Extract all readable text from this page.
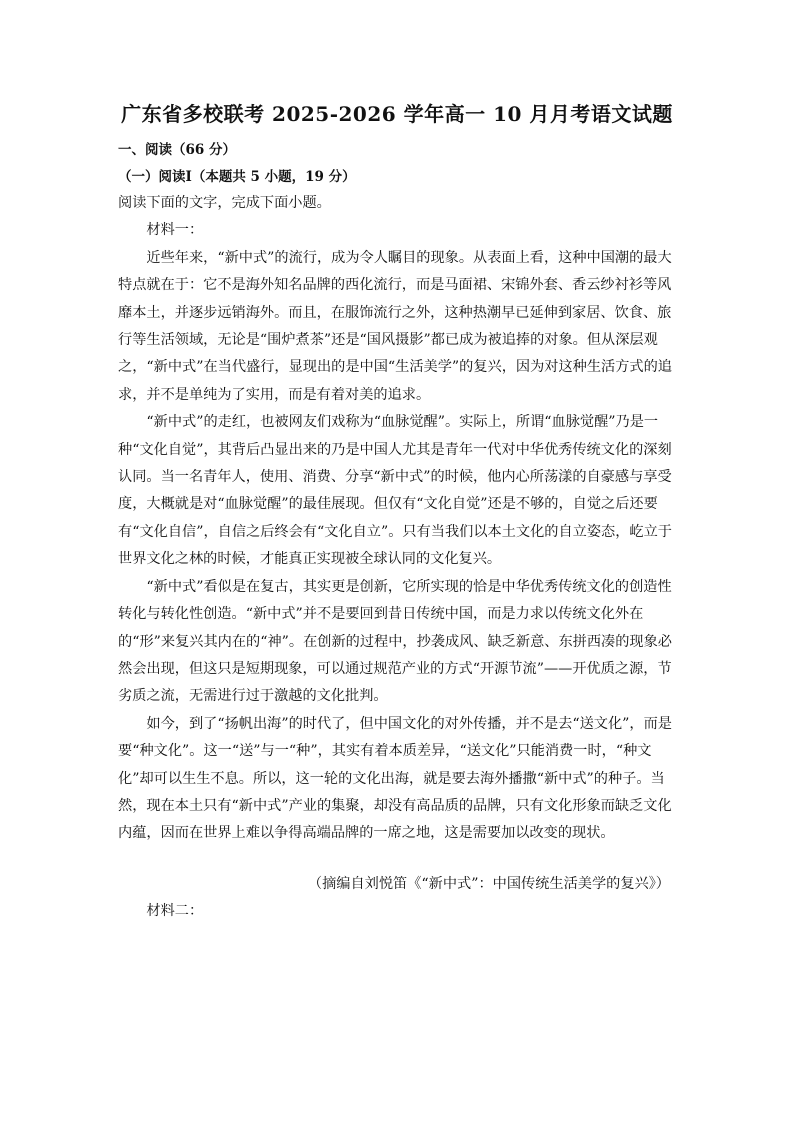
广东省多校联考 2025-2026 学年高一 10 月月考语文试题
一、阅读（66 分）
（一）阅读Ⅰ（本题共 5 小题，19 分）

阅读下面的文字，完成下面小题。

材料一：

近些年来，“新中式”的流行，成为令人瞩目的现象。从表面上看，这种中国潮的最大特点就在于：它不是海外知名品牌的西化流行，而是马面裙、宋锦外套、香云纱衬衫等风靡本土，并逐步远销海外。而且，在服饰流行之外，这种热潮早已延伸到家居、饮食、旅行等生活领域，无论是“围炉煮茶”还是“国风摄影”都已成为被追捧的对象。但从深层观之，“新中式”在当代盛行，显现出的是中国“生活美学”的复兴，因为对这种生活方式的追求，并不是单纯为了实用，而是有着对美的追求。

“新中式”的走红，也被网友们戏称为“血脉觉醒”。实际上，所谓“血脉觉醒”乃是一种“文化自觉”，其背后凸显出来的乃是中国人尤其是青年一代对中华优秀传统文化的深刻认同。当一名青年人，使用、消费、分享“新中式”的时候，他内心所荡漾的自豪感与享受度，大概就是对“血脉觉醒”的最佳展现。但仅有“文化自觉”还是不够的，自觉之后还要有“文化自信”，自信之后终会有“文化自立”。只有当我们以本土文化的自立姿态，屹立于世界文化之林的时候，才能真正实现被全球认同的文化复兴。

“新中式”看似是在复古，其实更是创新，它所实现的恰是中华优秀传统文化的创造性转化与转化性创造。“新中式”并不是要回到昔日传统中国，而是力求以传统文化外在的“形”来复兴其内在的“神”。在创新的过程中，抄袭成风、缺乏新意、东拼西凑的现象必然会出现，但这只是短期现象，可以通过规范产业的方式“开源节流”——开优质之源，节劣质之流，无需进行过于激越的文化批判。

如今，到了“扬帆出海”的时代了，但中国文化的对外传播，并不是去“送文化”，而是要“种文化”。这一“送”与一“种”，其实有着本质差异，“送文化”只能消费一时，“种文化”却可以生生不息。所以，这一轮的文化出海，就是要去海外播撒“新中式”的种子。当然，现在本土只有“新中式”产业的集聚，却没有高品质的品牌，只有文化形象而缺乏文化内蕴，因而在世界上难以争得高端品牌的一席之地，这是需要加以改变的现状。

（摘编自刘悦笛《“新中式”：中国传统生活美学的复兴》）
材料二：
